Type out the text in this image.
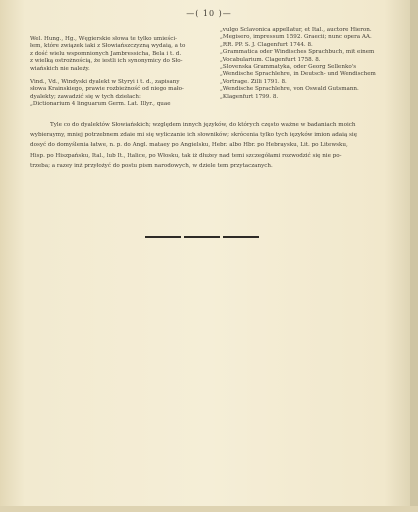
—( 10 )—

Wel. Hung., Hg., Węgierskie słowa te tylko umieści-

łem, które związek iaki z Słowiańszczyzną wydaią, a to

z dość wielu wspomnionych Jambressicha, Bela i t. d.

z wielką ostrożnością, że iestli ich synonymicy do Sło-

wiańskich nie należy.

Vind., Vd., Windyski dyalekt w Styryi i t. d., zapisany

słowa Krainskiego, prawie rozbieżność od niego mało-

dyalekty; zawadzić się w tych dziełach:

„Dictionarium 4 linguarum Germ. Lat. Illyr., quae

„vulgo Sclavonica appellatur, et Ital., auctore Hieron.

„Megisero, impressum 1592. Graecii; nunc opera AA.

„RR. PP. S. J. Clagenfurt 1744. 8.

„Grammatica oder Windisches Sprachbuch, mit einem

„Vocabularium. Clagenfurt 1758. 8.

„Slovenska Grammatyka, oder Georg Sellenko's

„Wendische Sprachlehre, in Deutsch- und Wendischem

„Vortrage. Zilli 1791. 8.

„Wendische Sprachlehre, von Oswald Gutsmann.

„Klagenfurt 1799. 8.

Tyle co do dyalektów Słowiańskich; względem innych języków, do których często ważne w badaniach moich

wybieraymy, mniej potrzebnem zdaie mi się wyliczanie ich słowników; skrócenia tylko tych ięzyków imion adaią się
dosyć do domyślenia łatwe, n. p. do Angl. mataey po Angielsku, Hebr. albo Hbr. po Hebraysku, Lit. po Litewsku,
Hisp. po Hiszpańsku, Ital., lub It., Italice, po Włosku, tak iż dłużey nad temi szczegółami rozwodzić się nie po-
trzeba; a razey inż przyłożyć do postu pism narodowych, w dziele tem przytaczanych.
